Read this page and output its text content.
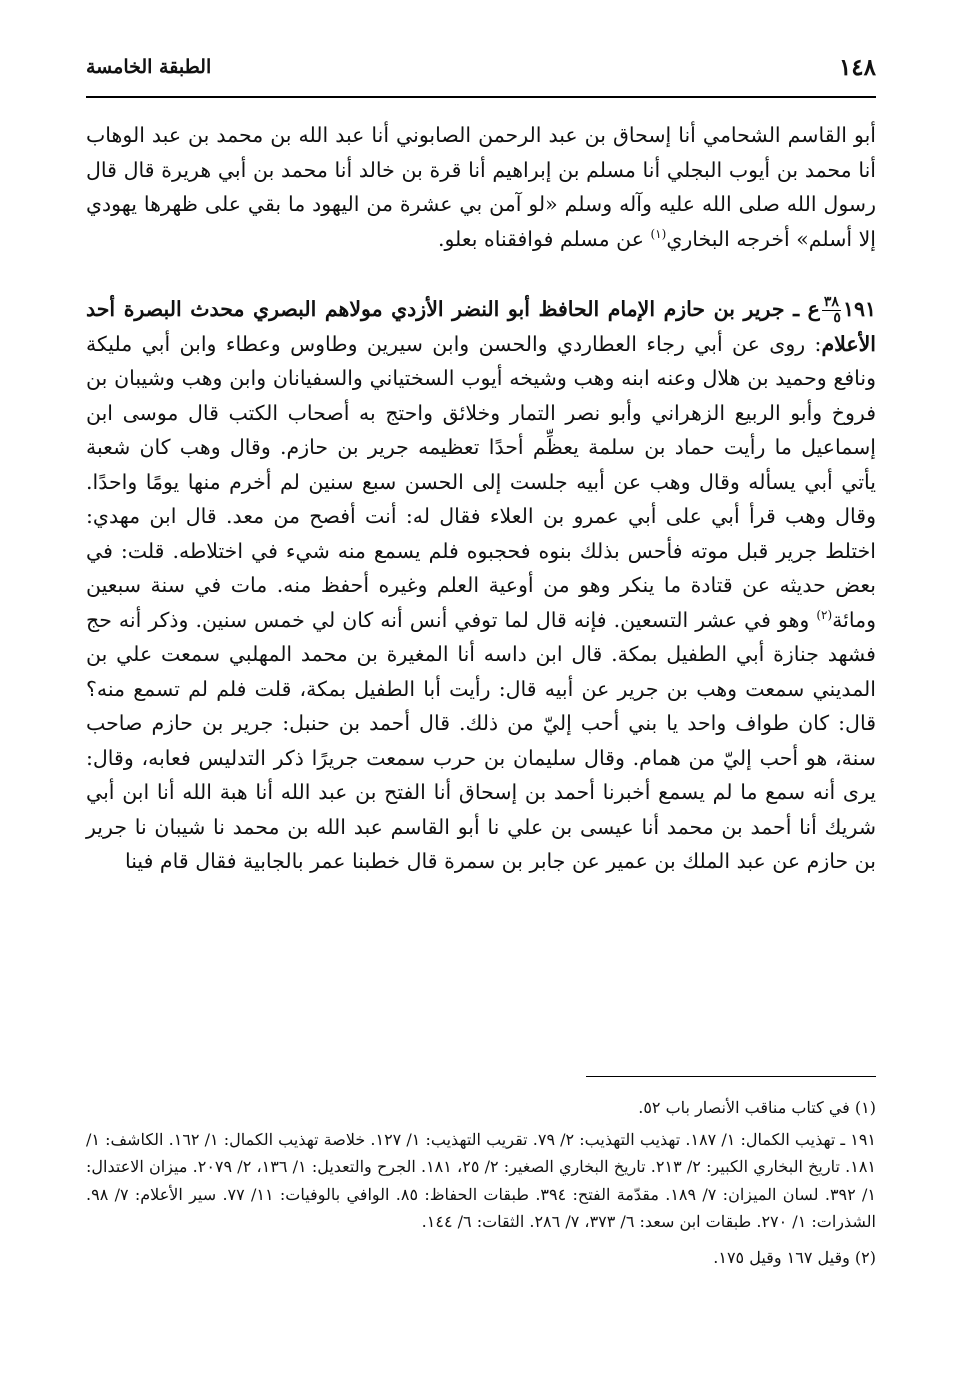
١٤٨
الطبقة الخامسة

أبو القاسم الشحامي أنا إسحاق بن عبد الرحمن الصابوني أنا عبد الله بن محمد بن عبد الوهاب أنا محمد بن أيوب البجلي أنا مسلم بن إبراهيم أنا قرة بن خالد أنا محمد بن أبي هريرة قال قال رسول الله صلى الله عليه وآله وسلم «لو آمن بي عشرة من اليهود ما بقي على ظهرها يهودي إلا أسلم» أخرجه البخاري$^{(١)}$ عن مسلم فوافقناه بعلو.

١٩١
$\frac{٣٨}{٥}$
ع ـ جرير بن حازم الإمام الحافظ أبو النضر الأزدي مولاهم البصري محدث البصرة أحد الأعلام: روى عن أبي رجاء العطاردي والحسن وابن سيرين وطاوس وعطاء وابن أبي مليكة ونافع وحميد بن هلال وعنه ابنه وهب وشيخه أيوب السختياني والسفيانان وابن وهب وشيبان بن فروخ وأبو الربيع الزهراني وأبو نصر التمار وخلائق واحتج به أصحاب الكتب قال موسى ابن إسماعيل ما رأيت حماد بن سلمة يعظِّم أحدًا تعظيمه جرير بن حازم. وقال وهب كان شعبة يأتي أبي يسأله وقال وهب عن أبيه جلست إلى الحسن سبع سنين لم أخرم منها يومًا واحدًا. وقال وهب قرأ أبي على أبي عمرو بن العلاء فقال له: أنت أفصح من معد. قال ابن مهدي: اختلط جرير قبل موته فأحس بذلك بنوه فحجبوه فلم يسمع منه شيء في اختلاطه. قلت: في بعض حديثه عن قتادة ما ينكر وهو من أوعية العلم وغيره أحفظ منه. مات في سنة سبعين ومائة$^{(٢)}$ وهو في عشر التسعين. فإنه قال لما توفي أنس أنه كان لي خمس سنين. وذكر أنه حج فشهد جنازة أبي الطفيل بمكة. قال ابن داسه أنا المغيرة بن محمد المهلبي سمعت علي بن المديني سمعت وهب بن جرير عن أبيه قال: رأيت أبا الطفيل بمكة، قلت فلم لم تسمع منه؟ قال: كان طواف واحد يا بني أحب إليّ من ذلك. قال أحمد بن حنبل: جرير بن حازم صاحب سنة، هو أحب إليّ من همام. وقال سليمان بن حرب سمعت جريرًا ذكر التدليس فعابه، وقال: يرى أنه سمع ما لم يسمع أخبرنا أحمد بن إسحاق أنا الفتح بن عبد الله أنا هبة الله أنا ابن أبي شريك أنا أحمد بن محمد أنا عيسى بن علي نا أبو القاسم عبد الله بن محمد نا شيبان نا جرير بن حازم عن عبد الملك بن عمير عن جابر بن سمرة قال خطبنا عمر بالجابية فقال قام فينا

(١) في كتاب مناقب الأنصار باب ٥٢.

١٩١ ـ تهذيب الكمال: ١/ ١٨٧. تهذيب التهذيب: ٢/ ٧٩. تقريب التهذيب: ١/ ١٢٧. خلاصة تهذيب الكمال: ١/ ١٦٢. الكاشف: ١/ ١٨١. تاريخ البخاري الكبير: ٢/ ٢١٣. تاريخ البخاري الصغير: ٢/ ٢٥، ١٨١. الجرح والتعديل: ١/ ١٣٦، ٢/ ٢٠٧٩. ميزان الاعتدال: ١/ ٣٩٢. لسان الميزان: ٧/ ١٨٩. مقدّمة الفتح: ٣٩٤. طبقات الحفاظ: ٨٥. الوافي بالوفيات: ١١/ ٧٧. سير الأعلام: ٧/ ٩٨. الشذرات: ١/ ٢٧٠. طبقات ابن سعد: ٦/ ٣٧٣، ٧/ ٢٨٦. الثقات: ٦/ ١٤٤.

(٢) وقيل ١٦٧ وقيل ١٧٥.
